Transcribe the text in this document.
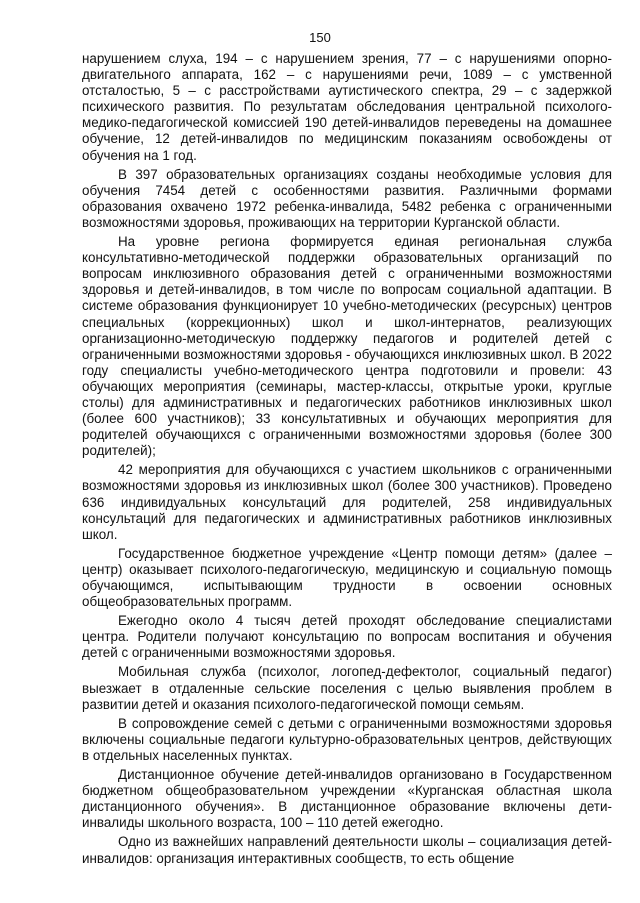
150

нарушением слуха, 194 – с нарушением зрения, 77 – с нарушениями опорно-двигательного аппарата, 162 – с нарушениями речи, 1089 – с умственной отсталостью, 5 – с расстройствами аутистического спектра, 29 – с задержкой психического развития. По результатам обследования центральной психолого-медико-педагогической комиссией 190 детей-инвалидов переведены на домашнее обучение, 12 детей-инвалидов по медицинским показаниям освобождены от обучения на 1 год.

В 397 образовательных организациях созданы необходимые условия для обучения 7454 детей с особенностями развития. Различными формами образования охвачено 1972 ребенка-инвалида, 5482 ребенка с ограниченными возможностями здоровья, проживающих на территории Курганской области.

На уровне региона формируется единая региональная служба консультативно-методической поддержки образовательных организаций по вопросам инклюзивного образования детей с ограниченными возможностями здоровья и детей-инвалидов, в том числе по вопросам социальной адаптации. В системе образования функционирует 10 учебно-методических (ресурсных) центров специальных (коррекционных) школ и школ-интернатов, реализующих организационно-методическую поддержку педагогов и родителей детей с ограниченными возможностями здоровья - обучающихся инклюзивных школ. В 2022 году специалисты учебно-методического центра подготовили и провели: 43 обучающих мероприятия (семинары, мастер-классы, открытые уроки, круглые столы) для административных и педагогических работников инклюзивных школ (более 600 участников); 33 консультативных и обучающих мероприятия для родителей обучающихся с ограниченными возможностями здоровья (более 300 родителей);

42 мероприятия для обучающихся с участием школьников с ограниченными возможностями здоровья из инклюзивных школ (более 300 участников). Проведено 636 индивидуальных консультаций для родителей, 258 индивидуальных консультаций для педагогических и административных работников инклюзивных школ.

Государственное бюджетное учреждение «Центр помощи детям» (далее – центр) оказывает психолого-педагогическую, медицинскую и социальную помощь обучающимся, испытывающим трудности в освоении основных общеобразовательных программ.

Ежегодно около 4 тысяч детей проходят обследование специалистами центра. Родители получают консультацию по вопросам воспитания и обучения детей с ограниченными возможностями здоровья.

Мобильная служба (психолог, логопед-дефектолог, социальный педагог) выезжает в отдаленные сельские поселения с целью выявления проблем в развитии детей и оказания психолого-педагогической помощи семьям.

В сопровождение семей с детьми с ограниченными возможностями здоровья включены социальные педагоги культурно-образовательных центров, действующих в отдельных населенных пунктах.

Дистанционное обучение детей-инвалидов организовано в Государственном бюджетном общеобразовательном учреждении «Курганская областная школа дистанционного обучения». В дистанционное образование включены дети-инвалиды школьного возраста, 100 – 110 детей ежегодно.

Одно из важнейших направлений деятельности школы – социализация детей-инвалидов: организация интерактивных сообществ, то есть общение
